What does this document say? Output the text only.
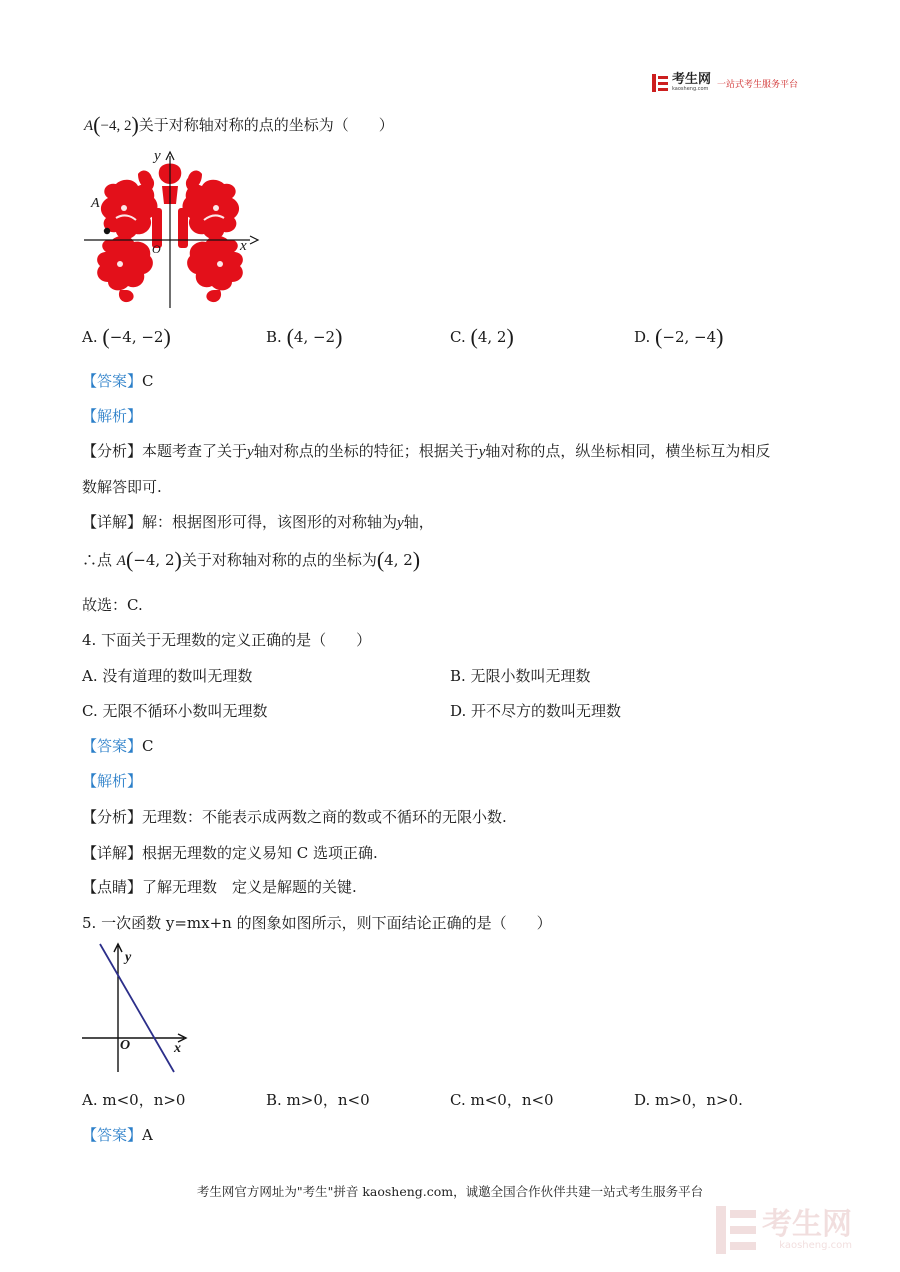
考生网
kaosheng.com 一站式考生服务平台
A(−4, 2)关于对称轴对称的点的坐标为（　　）
y
x
O
A
A. (−4, −2)	B. (4, −2)	C. (4, 2)	D. (−2, −4)
【答案】C
【解析】
【分析】本题考查了关于y轴对称点的坐标的特征；根据关于y轴对称的点，纵坐标相同，横坐标互为相反
数解答即可.
【详解】解：根据图形可得，该图形的对称轴为y轴，
∴点 A(−4, 2)关于对称轴对称的点的坐标为(4, 2)
故选：C.
4. 下面关于无理数的定义正确的是（　　）
A. 没有道理的数叫无理数	B. 无限小数叫无理数
C. 无限不循环小数叫无理数	D. 开不尽方的数叫无理数
【答案】C
【解析】
【分析】无理数：不能表示成两数之商的数或不循环的无限小数.
【详解】根据无理数的定义易知 C 选项正确.
【点睛】了解无理数　定义是解题的关键.
5. 一次函数 y=mx+n 的图象如图所示，则下面结论正确的是（　　）
y
x
O
A. m<0，n>0	B. m>0，n<0	C. m<0，n<0	D. m>0，n>0.
【答案】A
考生网官方网址为"考生"拼音 kaosheng.com，诚邀全国合作伙伴共建一站式考生服务平台
考生网
kaosheng.com
